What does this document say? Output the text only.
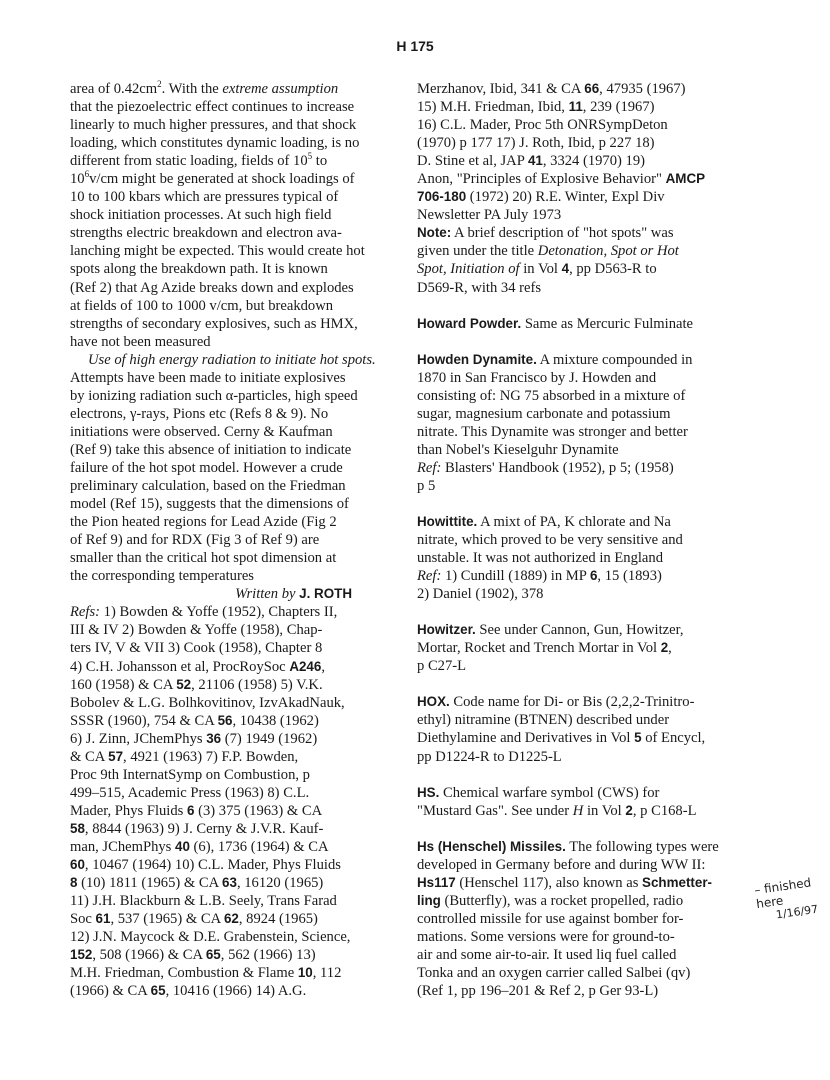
H 175

area of $0.42cm^2$. With the extreme assumption
that the piezoelectric effect continues to increase
linearly to much higher pressures, and that shock
loading, which constitutes dynamic loading, is no
different from static loading, fields of $10^5$ to
$10^6v/cm$ might be generated at shock loadings of
10 to 100 kbars which are pressures typical of
shock initiation processes. At such high field
strengths electric breakdown and electron ava-
lanching might be expected. This would create hot
spots along the breakdown path. It is known
(Ref 2) that Ag Azide breaks down and explodes
at fields of 100 to 1000 v/cm, but breakdown
strengths of secondary explosives, such as HMX,
have not been measured

Use of high energy radiation to initiate hot spots.
Attempts have been made to initiate explosives
by ionizing radiation such α-particles, high speed
electrons, γ-rays, Pions etc (Refs 8 & 9). No
initiations were observed. Cerny & Kaufman
(Ref 9) take this absence of initiation to indicate
failure of the hot spot model. However a crude
preliminary calculation, based on the Friedman
model (Ref 15), suggests that the dimensions of
the Pion heated regions for Lead Azide (Fig 2
of Ref 9) and for RDX (Fig 3 of Ref 9) are
smaller than the critical hot spot dimension at
the corresponding temperatures

Written by J. ROTH

Refs: 1) Bowden & Yoffe (1952), Chapters II,
III & IV 2) Bowden & Yoffe (1958), Chap-
ters IV, V & VII 3) Cook (1958), Chapter 8
4) C.H. Johansson et al, ProcRoySoc A246,
160 (1958) & CA 52, 21106 (1958) 5) V.K.
Bobolev & L.G. Bolhkovitinov, IzvAkadNauk,
SSSR (1960), 754 & CA 56, 10438 (1962)
6) J. Zinn, JChemPhys 36 (7) 1949 (1962)
& CA 57, 4921 (1963) 7) F.P. Bowden,
Proc 9th InternatSymp on Combustion, p
499–515, Academic Press (1963) 8) C.L.
Mader, Phys Fluids 6 (3) 375 (1963) & CA
58, 8844 (1963) 9) J. Cerny & J.V.R. Kauf-
man, JChemPhys 40 (6), 1736 (1964) & CA
60, 10467 (1964) 10) C.L. Mader, Phys Fluids
8 (10) 1811 (1965) & CA 63, 16120 (1965)
11) J.H. Blackburn & L.B. Seely, Trans Farad
Soc 61, 537 (1965) & CA 62, 8924 (1965)
12) J.N. Maycock & D.E. Grabenstein, Science,
152, 508 (1966) & CA 65, 562 (1966) 13)
M.H. Friedman, Combustion & Flame 10, 112
(1966) & CA 65, 10416 (1966) 14) A.G.

Merzhanov, Ibid, 341 & CA 66, 47935 (1967)
15) M.H. Friedman, Ibid, 11, 239 (1967)
16) C.L. Mader, Proc 5th ONRSympDeton
(1970) p 177 17) J. Roth, Ibid, p 227 18)
D. Stine et al, JAP 41, 3324 (1970) 19)
Anon, "Principles of Explosive Behavior" AMCP
706-180 (1972) 20) R.E. Winter, Expl Div
Newsletter PA July 1973

Note: A brief description of "hot spots" was
given under the title Detonation, Spot or Hot
Spot, Initiation of in Vol 4, pp D563-R to
D569-R, with 34 refs

Howard Powder. Same as Mercuric Fulminate

Howden Dynamite. A mixture compounded in
1870 in San Francisco by J. Howden and
consisting of: NG 75 absorbed in a mixture of
sugar, magnesium carbonate and potassium
nitrate. This Dynamite was stronger and better
than Nobel's Kieselguhr Dynamite
Ref: Blasters' Handbook (1952), p 5; (1958)
p 5

Howittite. A mixt of PA, K chlorate and Na
nitrate, which proved to be very sensitive and
unstable. It was not authorized in England
Ref: 1) Cundill (1889) in MP 6, 15 (1893)
2) Daniel (1902), 378

Howitzer. See under Cannon, Gun, Howitzer,
Mortar, Rocket and Trench Mortar in Vol 2,
p C27-L

HOX. Code name for Di- or Bis (2,2,2-Trinitro-
ethyl) nitramine (BTNEN) described under
Diethylamine and Derivatives in Vol 5 of Encycl,
pp D1224-R to D1225-L

HS. Chemical warfare symbol (CWS) for
"Mustard Gas". See under H in Vol 2, p C168-L

Hs (Henschel) Missiles. The following types were
developed in Germany before and during WW II:
Hs117 (Henschel 117), also known as Schmetter-
ling (Butterfly), was a rocket propelled, radio
controlled missile for use against bomber for-
mations. Some versions were for ground-to-
air and some air-to-air. It used liq fuel called
Tonka and an oxygen carrier called Salbei (qv)
(Ref 1, pp 196–201 & Ref 2, p Ger 93-L)

– finished here
1/16/97
